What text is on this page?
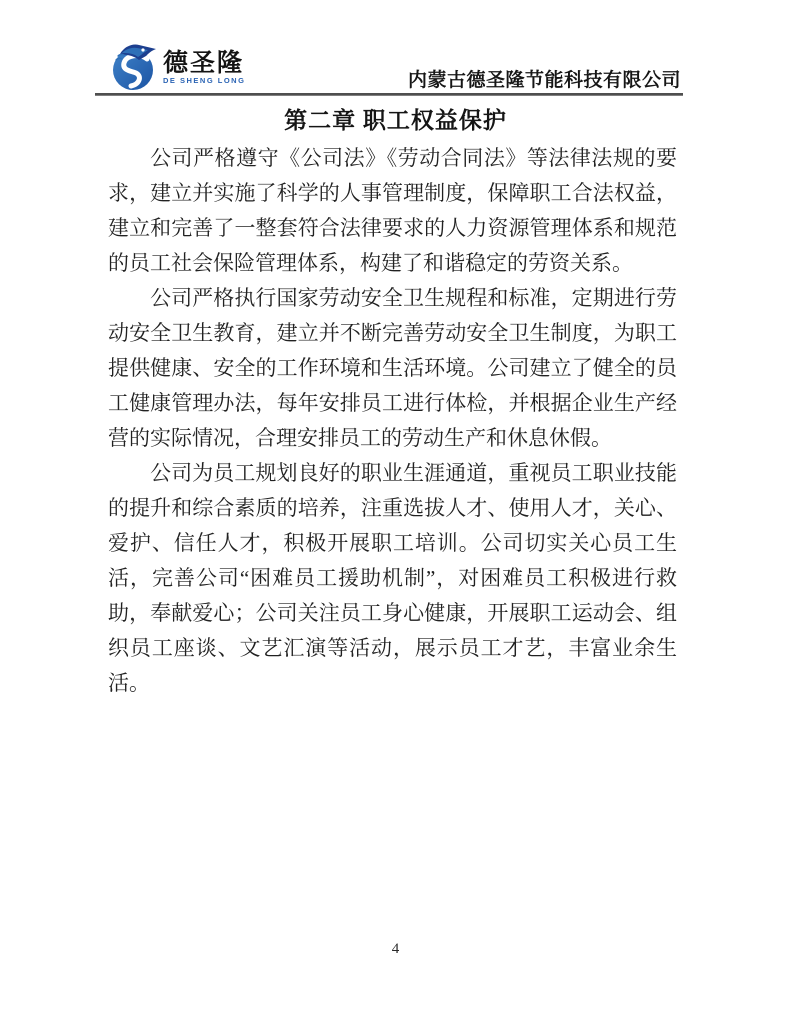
德圣隆
DE SHENG LONG	内蒙古德圣隆节能科技有限公司
第二章 职工权益保护

公司严格遵守《公司法》《劳动合同法》等法律法规的要求，建立并实施了科学的人事管理制度，保障职工合法权益，建立和完善了一整套符合法律要求的人力资源管理体系和规范的员工社会保险管理体系，构建了和谐稳定的劳资关系。

公司严格执行国家劳动安全卫生规程和标准，定期进行劳动安全卫生教育，建立并不断完善劳动安全卫生制度，为职工提供健康、安全的工作环境和生活环境。公司建立了健全的员工健康管理办法，每年安排员工进行体检，并根据企业生产经营的实际情况，合理安排员工的劳动生产和休息休假。

公司为员工规划良好的职业生涯通道，重视员工职业技能的提升和综合素质的培养，注重选拔人才、使用人才，关心、爱护、信任人才，积极开展职工培训。公司切实关心员工生活，完善公司“困难员工援助机制”，对困难员工积极进行救助，奉献爱心；公司关注员工身心健康，开展职工运动会、组织员工座谈、文艺汇演等活动，展示员工才艺，丰富业余生活。

4
